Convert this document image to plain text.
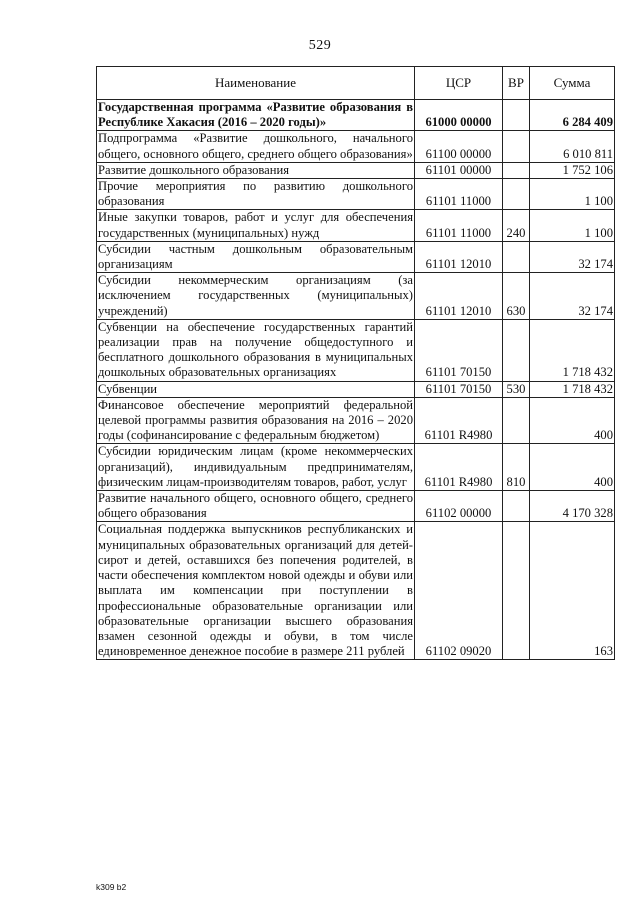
529
Наименование	ЦСР	ВР	Сумма
Государственная программа «Развитие образования в Республике Хакасия (2016 – 2020 годы)»	61000 00000		6 284 409
Подпрограмма «Развитие дошкольного, начального общего, основного общего, среднего общего образования»	61100 00000		6 010 811
Развитие дошкольного образования	61101 00000		1 752 106
Прочие мероприятия по развитию дошкольного образования	61101 11000		1 100
Иные закупки товаров, работ и услуг для обеспечения государственных (муниципальных) нужд	61101 11000	240	1 100
Субсидии частным дошкольным образовательным организациям	61101 12010		32 174
Субсидии некоммерческим организациям (за исключением государственных (муниципальных) учреждений)	61101 12010	630	32 174
Субвенции на обеспечение государственных гарантий реализации прав на получение общедоступного и бесплатного дошкольного образования в муниципальных дошкольных образовательных организациях	61101 70150		1 718 432
Субвенции	61101 70150	530	1 718 432
Финансовое обеспечение мероприятий федеральной целевой программы развития образования на 2016 – 2020 годы (софинансирование с федеральным бюджетом)	61101 R4980		400
Субсидии юридическим лицам (кроме некоммерческих организаций), индивидуальным предпринимателям, физическим лицам-производителям товаров, работ, услуг	61101 R4980	810	400
Развитие начального общего, основного общего, среднего общего образования	61102 00000		4 170 328
Социальная поддержка выпускников республиканских и муниципальных образовательных организаций для детей-сирот и детей, оставшихся без попечения родителей, в части обеспечения комплектом новой одежды и обуви или выплата им компенсации при поступлении в профессиональные образовательные организации или образовательные организации высшего образования взамен сезонной одежды и обуви, в том числе единовременное денежное пособие в размере 211 рублей	61102 09020		163
k309 b2
